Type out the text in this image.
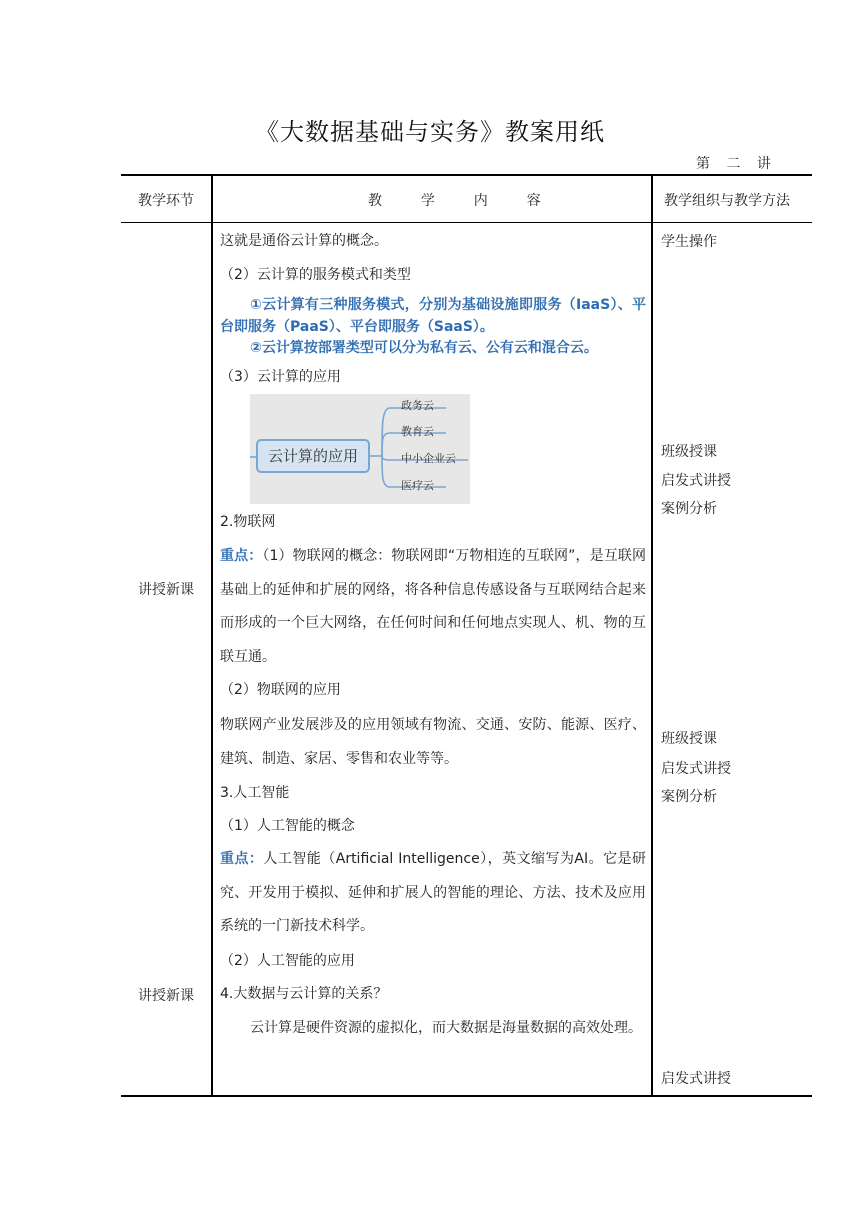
《大数据基础与实务》教案用纸
第 二 讲
教学环节	教  学  内  容	教学组织与教学方法
讲授新课
讲授新课
这就是通俗云计算的概念。
（2）云计算的服务模式和类型
①云计算有三种服务模式，分别为基础设施即服务（IaaS）、平台即服务（PaaS）、平台即服务（SaaS）。
②云计算按部署类型可以分为私有云、公有云和混合云。
（3）云计算的应用
云计算的应用
政务云
教育云
中小企业云
医疗云
2.物联网
重点：（1）物联网的概念：物联网即“万物相连的互联网”，是互联网基础上的延伸和扩展的网络，将各种信息传感设备与互联网结合起来而形成的一个巨大网络，在任何时间和任何地点实现人、机、物的互联互通。
（2）物联网的应用
物联网产业发展涉及的应用领域有物流、交通、安防、能源、医疗、建筑、制造、家居、零售和农业等等。
3.人工智能
（1）人工智能的概念
重点：人工智能（Artificial Intelligence），英文缩写为AI。它是研究、开发用于模拟、延伸和扩展人的智能的理论、方法、技术及应用系统的一门新技术科学。
（2）人工智能的应用
4.大数据与云计算的关系？
云计算是硬件资源的虚拟化，而大数据是海量数据的高效处理。
学生操作
班级授课
启发式讲授
案例分析
班级授课
启发式讲授
案例分析
启发式讲授
